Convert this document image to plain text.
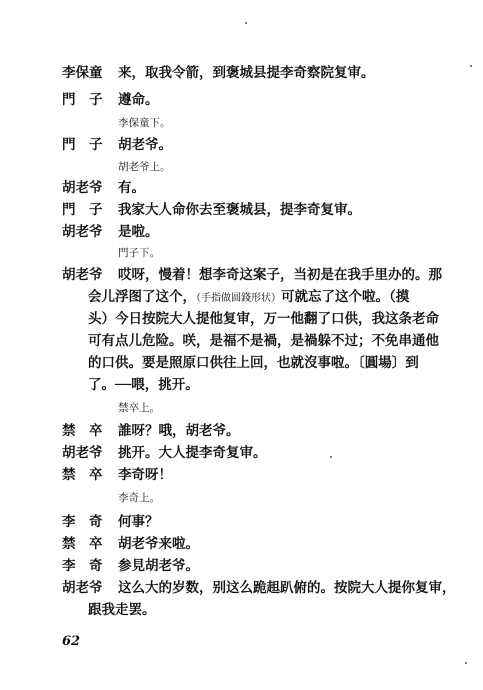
李保童 来，取我令箭，到褒城县提李奇察院复审。
門　子 遵命。
李保童下。
門　子 胡老爷。
胡老爷上。
胡老爷 有。
門　子 我家大人命你去至褒城县，提李奇复审。
胡老爷 是啦。
門子下。
胡老爷 哎呀，慢着！想李奇这案子，当初是在我手里办的。那
会儿浮图了这个，（手指做圆錢形状）可就忘了这个啦。（摸
头）今日按院大人提他复审，万一他翻了口供，我这条老命
可有点儿危险。咲，是福不是禍，是禍躲不过；不免串通他
的口供。要是照原口供往上回，也就沒事啦。〔圓場〕到
了。──喂，挑开。
禁卒上。
禁　卒 誰呀？哦，胡老爷。
胡老爷 挑开。大人提李奇复审。
禁　卒 李奇呀！
李奇上。
李　奇 何事？
禁　卒 胡老爷来啦。
李　奇 参見胡老爷。
胡老爷 这么大的岁数，别这么跪趄趴俯的。按院大人提你复审，
跟我走罢。
62
